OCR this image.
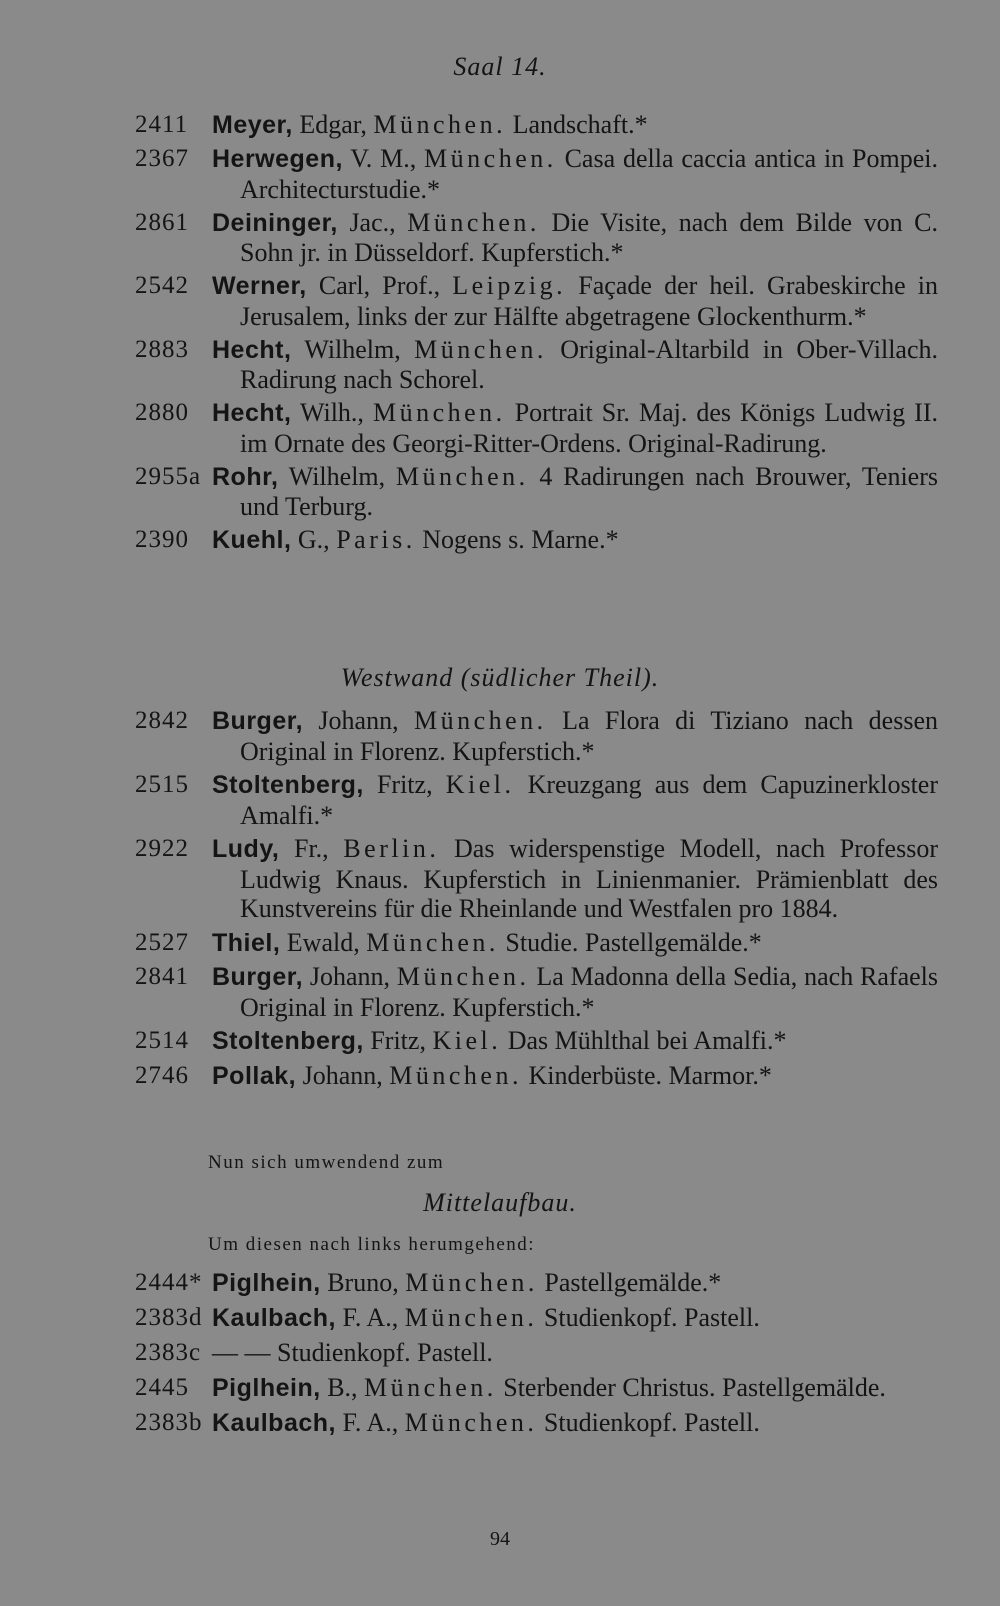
Saal 14.
2411 Meyer, Edgar, München. Landschaft.*
2367 Herwegen, V. M., München. Casa della caccia antica in Pompei. Architecturstudie.*
2861 Deininger, Jac., München. Die Visite, nach dem Bilde von C. Sohn jr. in Düsseldorf. Kupferstich.*
2542 Werner, Carl, Prof., Leipzig. Façade der heil. Grabeskirche in Jerusalem, links der zur Hälfte abgetragene Glockenthurm.*
2883 Hecht, Wilhelm, München. Original-Altarbild in Ober-Villach. Radirung nach Schorel.
2880 Hecht, Wilh., München. Portrait Sr. Maj. des Königs Ludwig II. im Ornate des Georgi-Ritter-Ordens. Original-Radirung.
2955a Rohr, Wilhelm, München. 4 Radirungen nach Brouwer, Teniers und Terburg.
2390 Kuehl, G., Paris. Nogens s. Marne.*
Westwand (südlicher Theil).
2842 Burger, Johann, München. La Flora di Tiziano nach dessen Original in Florenz. Kupferstich.*
2515 Stoltenberg, Fritz, Kiel. Kreuzgang aus dem Capuzinerkloster Amalfi.*
2922 Ludy, Fr., Berlin. Das widerspenstige Modell, nach Professor Ludwig Knaus. Kupferstich in Linienmanier. Prämienblatt des Kunstvereins für die Rheinlande und Westfalen pro 1884.
2527 Thiel, Ewald, München. Studie. Pastellgemälde.*
2841 Burger, Johann, München. La Madonna della Sedia, nach Rafaels Original in Florenz. Kupferstich.*
2514 Stoltenberg, Fritz, Kiel. Das Mühlthal bei Amalfi.*
2746 Pollak, Johann, München. Kinderbüste. Marmor.*
Nun sich umwendend zum
Mittelaufbau.
Um diesen nach links herumgehend:
2444* Piglhein, Bruno, München. Pastellgemälde.*
2383d Kaulbach, F. A., München. Studienkopf. Pastell.
2383c — — Studienkopf. Pastell.
2445 Piglhein, B., München. Sterbender Christus. Pastellgemälde.
2383b Kaulbach, F. A., München. Studienkopf. Pastell.
94
